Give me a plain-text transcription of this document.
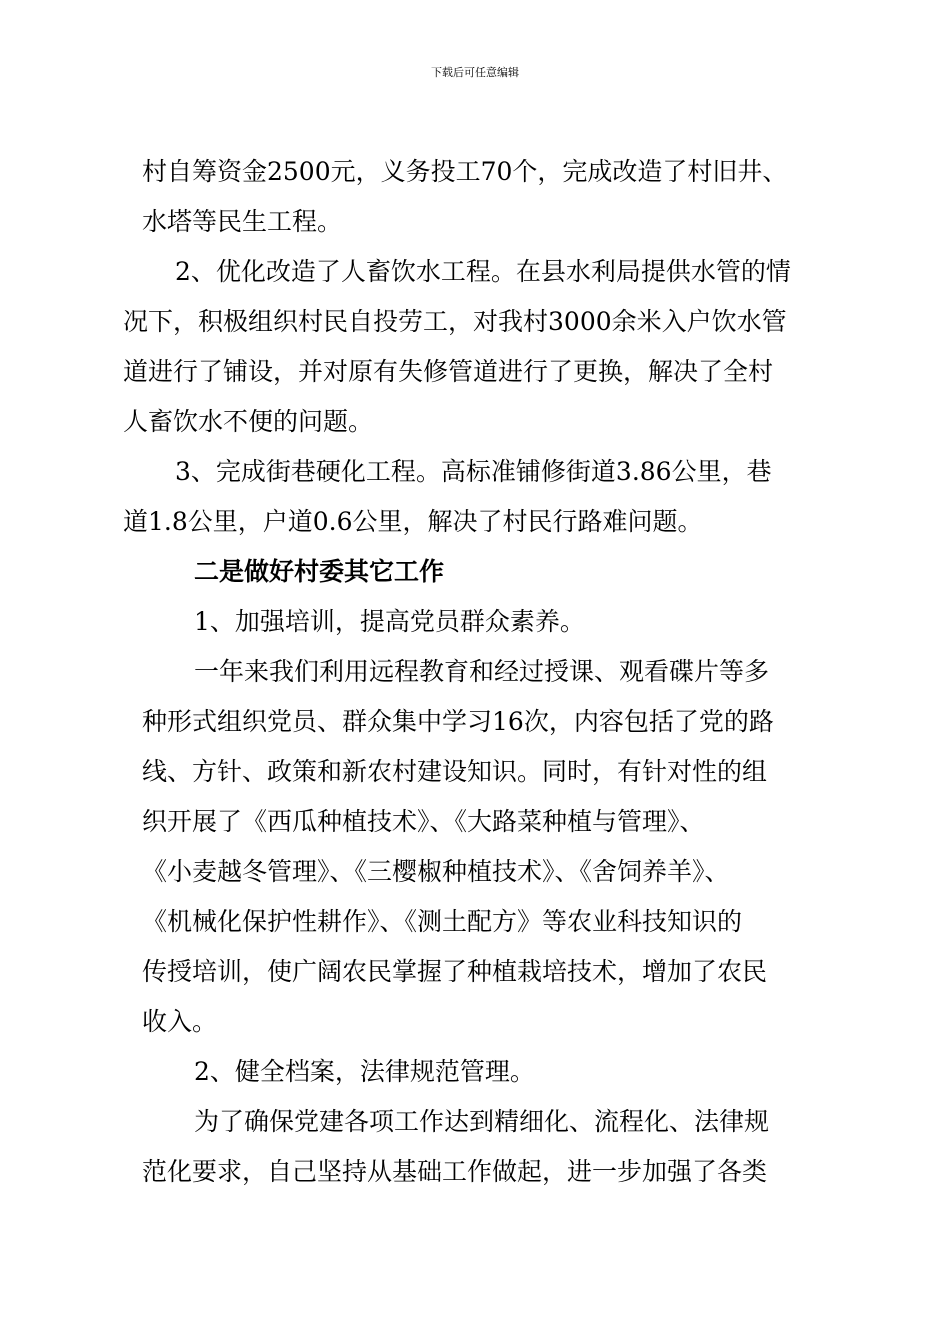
下载后可任意编辑
村自筹资金2500元，义务投工70个，完成改造了村旧井、
水塔等民生工程。
2、优化改造了人畜饮水工程。在县水利局提供水管的情
况下，积极组织村民自投劳工，对我村3000余米入户饮水管
道进行了铺设，并对原有失修管道进行了更换，解决了全村
人畜饮水不便的问题。
3、完成街巷硬化工程。高标准铺修街道3.86公里，巷
道1.8公里，户道0.6公里，解决了村民行路难问题。
二是做好村委其它工作
1、加强培训，提高党员群众素养。
一年来我们利用远程教育和经过授课、观看碟片等多
种形式组织党员、群众集中学习16次，内容包括了党的路
线、方针、政策和新农村建设知识。同时，有针对性的组
织开展了《西瓜种植技术》、《大路菜种植与管理》、
《小麦越冬管理》、《三樱椒种植技术》、《舍饲养羊》、
《机械化保护性耕作》、《测土配方》等农业科技知识的
传授培训，使广阔农民掌握了种植栽培技术，增加了农民
收入。
2、健全档案，法律规范管理。
为了确保党建各项工作达到精细化、流程化、法律规
范化要求，自己坚持从基础工作做起，进一步加强了各类
